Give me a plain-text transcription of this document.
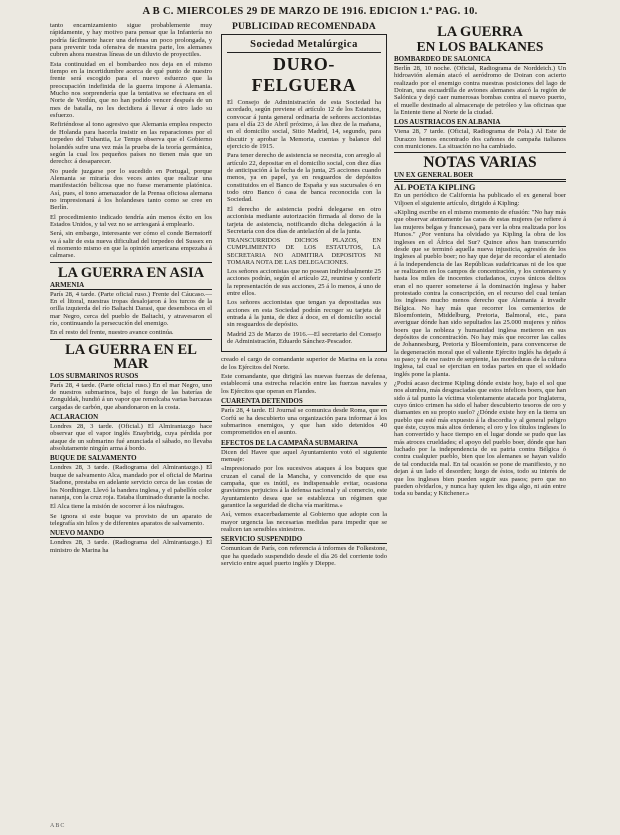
A B C. MIERCOLES 29 DE MARZO DE 1916. EDICION 1.ª PAG. 10.

tanto encarnizamiento sigue probablemente muy rápidamente, y hay motivo para pensar que la Infantería no podría fácilmente hacer una defensa un poco prolongada, y para prevenir toda ofensiva de nuestra parte, los alemanes cubren ahora nuestras líneas de un diluvio de proyectiles.

Esta continuidad en el bombardeo nos deja en el mismo tiempo en la incertidumbre acerca de qué punto de nuestro frente será escogido para el nuevo esfuerzo que la preocupación indefinida de la guerra impone á Alemania. Mucho nos sorprendería que la tentativa se efectuara en el Norte de Verdún, que no han podido vencer después de un mes de batalla, no les decidiera á llevar á otro lado su esfuerzo.

Refiriéndose al tono agresivo que Alemania emplea respecto de Holanda para hacerla insistir en las reparaciones por el torpedeo del Tubantia, Le Temps observa que el Gobierno holandés sufre una vez más la prueba de la teoría germánica, según la cual los pequeños países no tienen más que un derecho: á desaparecer.

No puede juzgarse por lo sucedido en Portugal, porque Alemania se miraría dos veces antes que realizar una manifestación bélicosa que no fuese meramente platónica. Así, pues, el tono amenazador de la Prensa oficiosa alemana no impresionará á los holandeses tanto como se cree en Berlín.

El procedimiento indicado tendría aún menos éxito en los Estados Unidos, y tal vez no se arriesgará á emplearlo.

Será, sin embargo, interesante ver cómo el conde Bernstorff va á salir de esta nueva dificultad del torpedeo del Sussex en el momento mismo en que la opinión americana empezaba á calmarse.

LA GUERRA EN ASIA
ARMENIA

París 28, 4 tarde. (Parte oficial ruso.) Frente del Cáucaso.—En el litoral, nuestras tropas desalojaron á los turcos de la orilla izquierda del río Baltachi Darasi, que desemboca en el mar Negro, cerca del pueblo de Baltachi, y atravesaron el río, continuando la persecución del enemigo.

En el resto del frente, nuestro avance continúa.

LA GUERRA EN EL MAR
LOS SUBMARINOS RUSOS

París 28, 4 tarde. (Parte oficial ruso.) En el mar Negro, uno de nuestros submarinos, bajo el fuego de las baterías de Zonguldak, hundió á un vapor que remolcaba varias barcazas cargadas de carbón, que abandonaron en la costa.

ACLARACION

Londres 28, 3 tarde. (Oficial.) El Almirantazgo hace observar que el vapor inglés Enaybridg, cuya pérdida por ataque de un submarino fué anunciada el sábado, no llevaba absolutamente ningún arma á bordo.

BUQUE DE SALVAMENTO

Londres 28, 3 tarde. (Radiograma del Almirantazgo.) El buque de salvamento Alca, mandado por el oficial de Marina Stadone, prestaba en adelante servicio cerca de las costas de los Nordhinger. Llevó la bandera inglesa, y el pabellón color naranja, con la cruz roja. Estaba iluminado durante la noche.

El Alca tiene la misión de socorrer á los náufragos.

Se ignora si este buque va provisto de un aparato de telegrafía sin hilos y de diferentes aparatos de salvamento.

NUEVO MANDO

Londres 28, 3 tarde. (Radiograma del Almirantazgo.) El ministro de Marina ha

PUBLICIDAD RECOMENDADA
Sociedad Metalúrgica
DURO-FELGUERA

El Consejo de Administración de esta Sociedad ha acordado, según previene el artículo 12 de los Estatutos, convocar á junta general ordinaria de señores accionistas para el día 23 de Abril próximo, á las diez de la mañana, en el domicilio social, Sitio Madrid, 14, segundo, para discutir y aprobar la Memoria, cuentas y balance del ejercicio de 1915.

Para tener derecho de asistencia se necesita, con arreglo al artículo 22, depositar en el domicilio social, con diez días de anticipación á la fecha de la junta, 25 acciones cuando menos, ya en papel, ya en resguardos de depósitos constituidos en el Banco de España y sus sucursales ó en todo otro Banco ó casa de banca reconocida con la Sociedad.

El derecho de asistencia podrá delegarse en otro accionista mediante autorización firmada al dorso de la tarjeta de asistencia, notificando dicha delegación á la Secretaría con dos días de antelación al de la junta.

TRANSCURRIDOS DICHOS PLAZOS, EN CUMPLIMIENTO DE LOS ESTATUTOS, LA SECRETARIA NO ADMITIRA DEPOSITOS NI TOMARA NOTA DE LAS DELEGACIONES.

Los señores accionistas que no posean individualmente 25 acciones podrán, según el artículo 22, reunirse y conferir la representación de sus acciones, 25 á lo menos, á uno de entre ellos.

Los señores accionistas que tengan ya depositadas sus acciones en esta Sociedad podrán recoger su tarjeta de entrada á la junta, de diez á doce, en el domicilio social sin resguardos de depósito.

Madrid 23 de Marzo de 1916.—El secretario del Consejo de Administración, Eduardo Sánchez-Pescador.

creado el cargo de comandante superior de Marina en la zona de los Ejércitos del Norte.

Este comandante, que dirigirá las nuevas fuerzas de defensa, establecerá una estrecha relación entre las fuerzas navales y los Ejércitos que operan en Flandes.

CUARENTA DETENIDOS

París 28, 4 tarde. El Journal se comunica desde Roma, que en Corfú se ha descubierto una organización para informar á los submarinos enemigos, y que han sido detenidos 40 comprometidos en el asunto.

EFECTOS DE LA CAMPAÑA SUBMARINA

Dicen del Havre que aquel Ayuntamiento votó el siguiente mensaje:

«Impresionado por los sucesivos ataques á los buques que cruzan el canal de la Mancha, y convencido de que esa campaña, que es inútil, es indispensable evitar, ocasiona gravísimos perjuicios á la defensa nacional y al comercio, este Ayuntamiento desea que se establezca un régimen que garantice la seguridad de dicha vía marítima.»

Así, vemos exacerbadamente al Gobierno que adopte con la mayor urgencia las necesarias medidas para impedir que se realicen tan sensibles siniestros.

SERVICIO SUSPENDIDO

Comunican de París, con referencia á informes de Folkestone, que ha quedado suspendido desde el día 26 del corriente todo servicio entre aquel puerto inglés y Dieppe.

LA GUERRA
EN LOS BALKANES
BOMBARDEO DE SALONICA

Berlín 28, 10 noche. (Oficial, Radiograma de Norddeich.) Un hidroavión alemán atacó el aeródromo de Doiran con acierto realizado por el enemigo contra nuestras posiciones del lago de Doiran, una escuadrilla de aviones alemanes atacó la región de Salónica y dejó caer numerosas bombas contra el nuevo puerto, el muelle destinado al almacenaje de petróleo y las oficinas que la Entente tiene al Norte de la ciudad.

LOS AUSTRIACOS EN ALBANIA

Viena 28, 7 tarde. (Oficial, Radiograma de Pola.) Al Este de Durazzo hemos encontrado dos cañones de campaña italianos con municiones. La situación no ha cambiado.

NOTAS VARIAS
UN EX GENERAL BOER
AL POETA KIPLING

En un periódico de California ha publicado el ex general boer Viljoen el siguiente artículo, dirigido á Kipling:

«Kipling escribe en el mismo momento de efusión: "No hay más que observar atentamente las caras de estas mujeres (se refiere á las mujeres belgas y francesas), para ver la obra realizada por los Hunos." ¿Por ventura ha olvidado ya Kipling la obra de los ingleses en el África del Sur? Quince años han transcurrido desde que se terminó aquella nueva injusticia, agresión de los ingleses al pueblo boer; no hay que dejar de recordar el atentado á la independencia de las Repúblicas sudafricanas ni de los que se realizaron en los campos de concentración, y los centenares y hasta los miles de inocentes ciudadanos, cuyos únicos delitos eran el no querer someterse á la dominación inglesa y haber protestado contra la conscripción, en el recurso del cual tenían los ingleses mucho menos derecho que Alemania á invadir Bélgica. No hay más que recorrer los cementerios de Bloemfontein, Middelburg, Pretoria, Balmoral, etc., para averiguar dónde han sido sepultados las 25.000 mujeres y niños boers que la nobleza y humanidad inglesa metieron en sus depósitos de concentración. No hay más que recorrer las calles de Johannesburg, Pretoria y Bloemfontein, para convencerse de la degeneración moral que el valiente Ejército inglés ha dejado á su paso; y de ese rastro de serpiente, las mordeduras de la cultura inglesa, tal cual se ejercitan en todas partes en que el soldado inglés pone la planta.

¿Podrá acaso decirme Kipling dónde existe hoy, bajo el sol que nos alumbra, más desgraciadas que estos infelices boers, que han sido á tal punto la víctima violentamente atacada por Inglaterra, cuyo único crimen ha sido el haber descubierto tesoros de oro y diamantes en su propio suelo? ¿Dónde existe hoy en la tierra un pueblo que esté más expuesto á la discordia y al general peligro que éste, cuyos más altos órdenes; el oro y los títulos ingleses lo han convertido y hace tiempo en el lugar donde se pudo que las más atroces crueldades; el apoyo del pueblo boer, dónde que han luchado por la independencia de su patria contra Bélgica ó contra cualquier pueblo, bien que los alemanes se hayan valido de tal conducida mal. En tal ocasión se pone de manifiesto, y no dejan á un lado el desorden; luego de éstos, todo su interés de que los ingleses bien pueden seguir sus pasos; pero que no pueden olvidarlos, y nunca hay quien les diga algo, ni aún entre toda su banda; y Kitchener.»

ABC
